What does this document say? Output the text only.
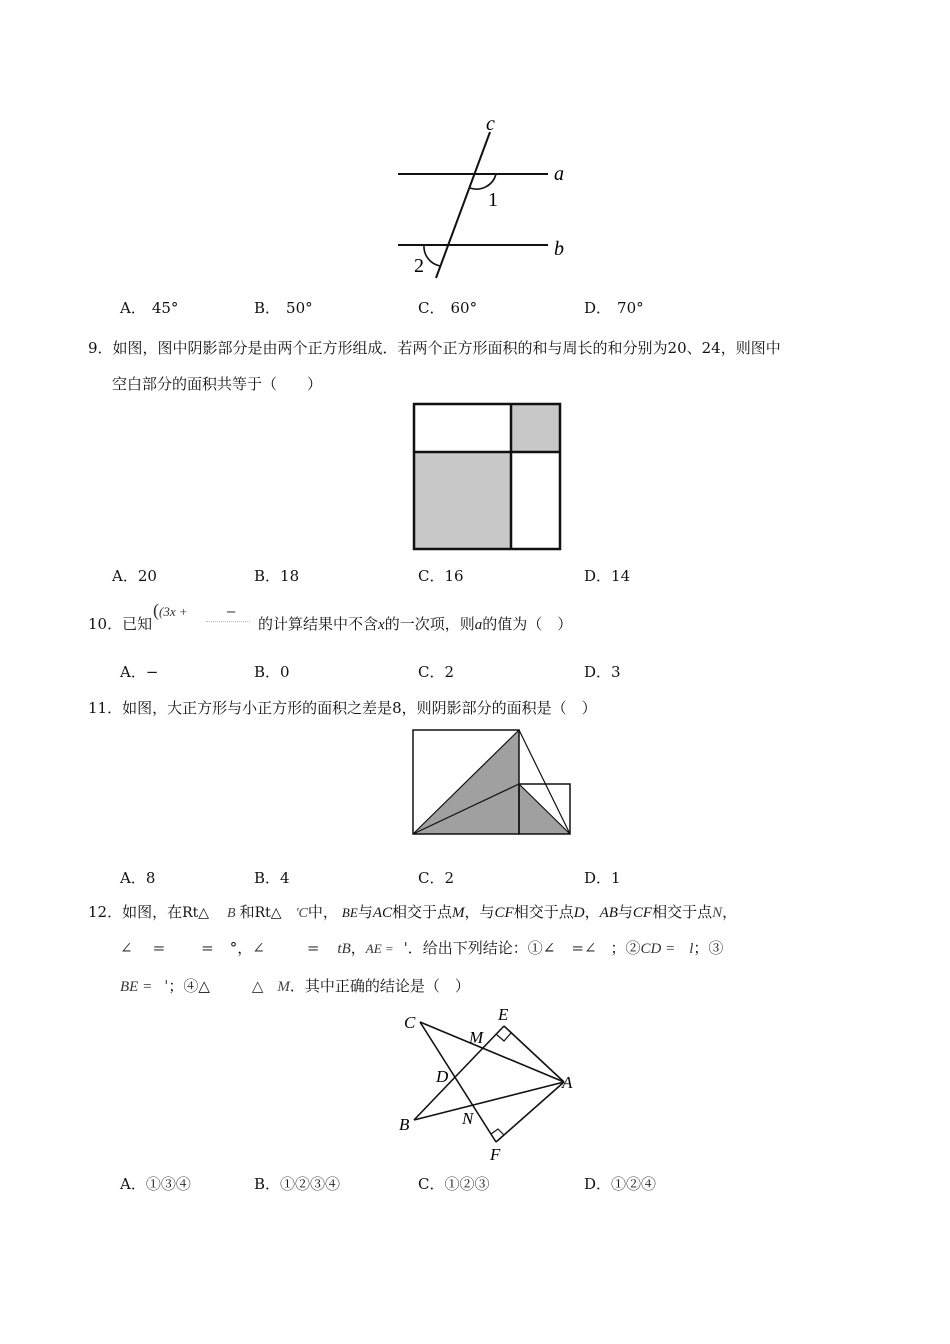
c
a
b
1
2
A． 45°	B． 50°	C． 60°	D． 70°
9．如图，图中阴影部分是由两个正方形组成．若两个正方形面积的和与周长的和分别为20、24，则图中
空白部分的面积共等于（　　）
A．20	B．18	C．16	D．14
10．已知
((3x +	−
的计算结果中不含x的一次项，则a的值为（　）
A．−	B．0	C．2	D．3
11．如图，大正方形与小正方形的面积之差是8，则阴影部分的面积是（　）
A．8	B．4	C．2	D．1
12．如图，在Rt△ B 和Rt△ 'C中， BE与AC相交于点M，与CF相交于点D，AB与CF相交于点N，
∠ = = °，∠	= tB，AE = '．给出下列结论：①∠ =∠ ；②CD = l；③
BE = '；④△	△ M．其中正确的结论是（　）
C	E
M
D	A
B	N
F
A．①③④	B．①②③④	C．①②③	D．①②④
